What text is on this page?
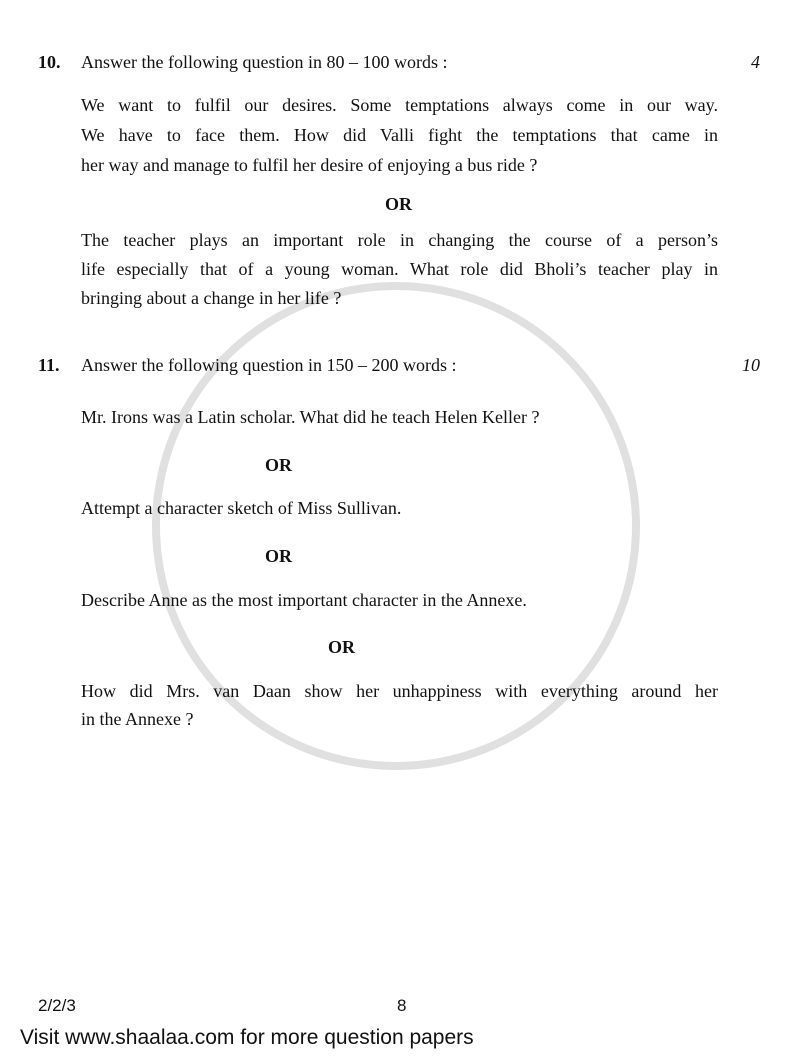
10. Answer the following question in 80 – 100 words :	4
We want to fulfil our desires. Some temptations always come in our way.
We have to face them. How did Valli fight the temptations that came in
her way and manage to fulfil her desire of enjoying a bus ride ?
OR
The teacher plays an important role in changing the course of a person’s
life especially that of a young woman. What role did Bholi’s teacher play in
bringing about a change in her life ?
11. Answer the following question in 150 – 200 words :	10
Mr. Irons was a Latin scholar. What did he teach Helen Keller ?
OR
Attempt a character sketch of Miss Sullivan.
OR
Describe Anne as the most important character in the Annexe.
OR
How did Mrs. van Daan show her unhappiness with everything around her
in the Annexe ?
2/2/3	8
Visit www.shaalaa.com for more question papers
